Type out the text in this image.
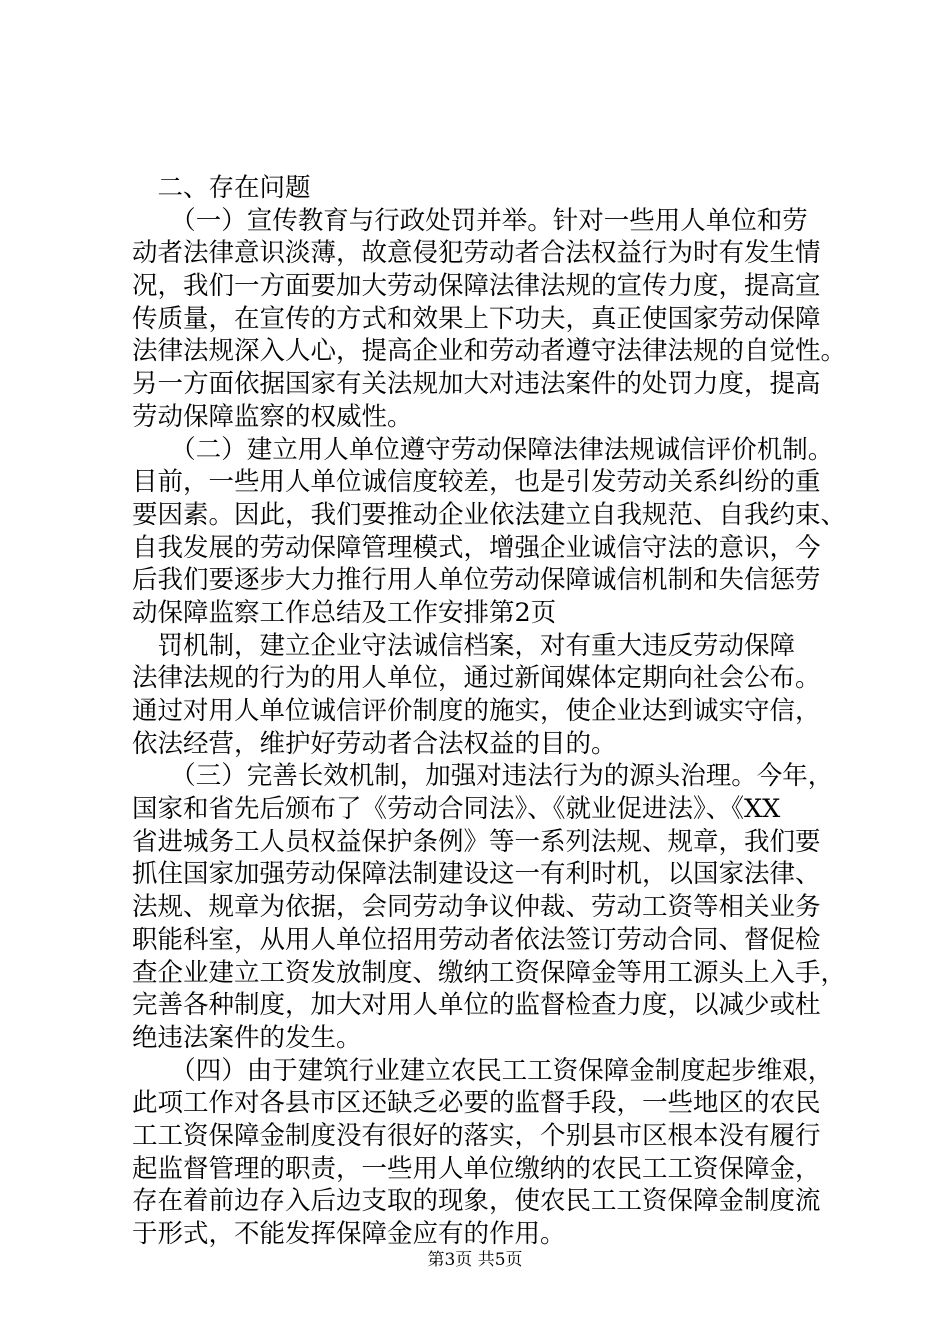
　二、存在问题
　　（一）宣传教育与行政处罚并举。针对一些用人单位和劳
动者法律意识淡薄，故意侵犯劳动者合法权益行为时有发生情
况，我们一方面要加大劳动保障法律法规的宣传力度，提高宣
传质量，在宣传的方式和效果上下功夫，真正使国家劳动保障
法律法规深入人心，提高企业和劳动者遵守法律法规的自觉性。
另一方面依据国家有关法规加大对违法案件的处罚力度，提高
劳动保障监察的权威性。
　　（二）建立用人单位遵守劳动保障法律法规诚信评价机制。
目前，一些用人单位诚信度较差，也是引发劳动关系纠纷的重
要因素。因此，我们要推动企业依法建立自我规范、自我约束、
自我发展的劳动保障管理模式，增强企业诚信守法的意识，今
后我们要逐步大力推行用人单位劳动保障诚信机制和失信惩劳
动保障监察工作总结及工作安排第2页
　罚机制，建立企业守法诚信档案，对有重大违反劳动保障
法律法规的行为的用人单位，通过新闻媒体定期向社会公布。
通过对用人单位诚信评价制度的施实，使企业达到诚实守信，
依法经营，维护好劳动者合法权益的目的。
　　（三）完善长效机制，加强对违法行为的源头治理。今年，
国家和省先后颁布了《劳动合同法》、《就业促进法》、《XX
省进城务工人员权益保护条例》等一系列法规、规章，我们要
抓住国家加强劳动保障法制建设这一有利时机，以国家法律、
法规、规章为依据，会同劳动争议仲裁、劳动工资等相关业务
职能科室，从用人单位招用劳动者依法签订劳动合同、督促检
查企业建立工资发放制度、缴纳工资保障金等用工源头上入手，
完善各种制度，加大对用人单位的监督检查力度，以减少或杜
绝违法案件的发生。
　　（四）由于建筑行业建立农民工工资保障金制度起步维艰，
此项工作对各县市区还缺乏必要的监督手段，一些地区的农民
工工资保障金制度没有很好的落实，个别县市区根本没有履行
起监督管理的职责，一些用人单位缴纳的农民工工资保障金，
存在着前边存入后边支取的现象，使农民工工资保障金制度流
于形式，不能发挥保障金应有的作用。
第3页 共5页
